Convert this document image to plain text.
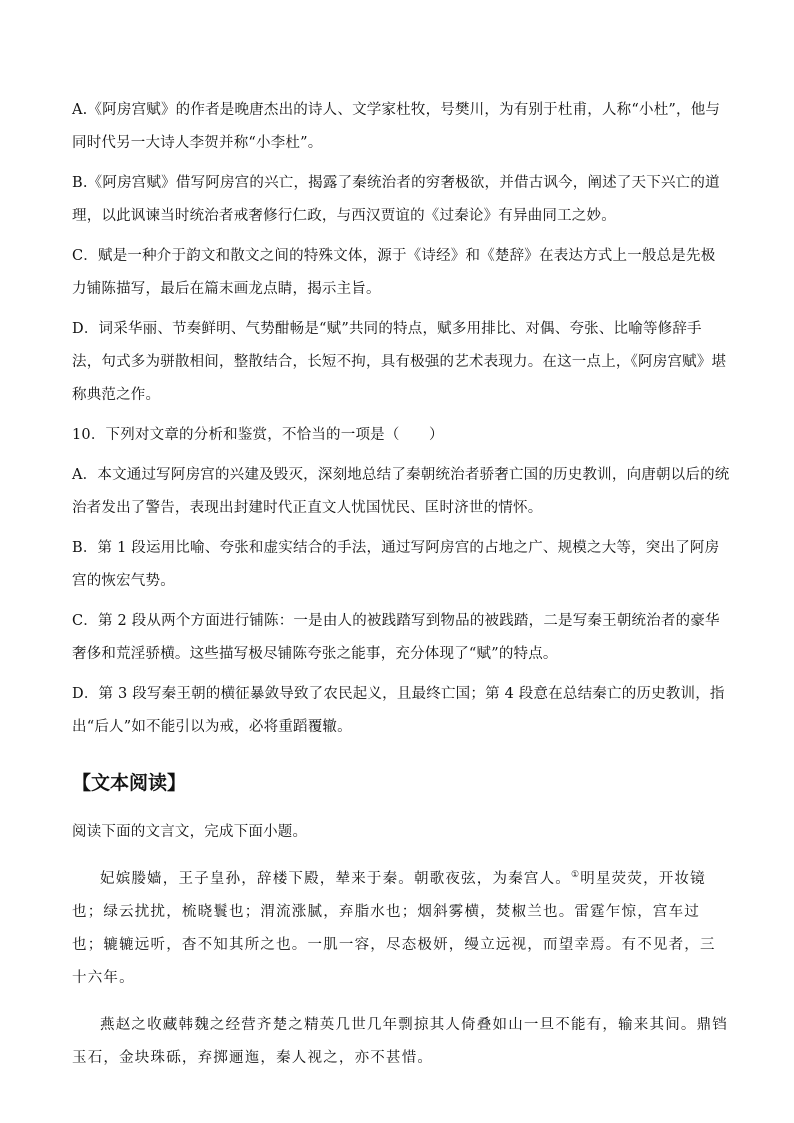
A.《阿房宫赋》的作者是晚唐杰出的诗人、文学家杜牧，号樊川，为有别于杜甫，人称“小杜”，他与同时代另一大诗人李贺并称“小李杜”。

B.《阿房宫赋》借写阿房宫的兴亡，揭露了秦统治者的穷奢极欲，并借古讽今，阐述了天下兴亡的道理，以此讽谏当时统治者戒奢修行仁政，与西汉贾谊的《过秦论》有异曲同工之妙。

C．赋是一种介于韵文和散文之间的特殊文体，源于《诗经》和《楚辞》在表达方式上一般总是先极力铺陈描写，最后在篇末画龙点睛，揭示主旨。

D．词采华丽、节奏鲜明、气势酣畅是“赋”共同的特点，赋多用排比、对偶、夸张、比喻等修辞手法，句式多为骈散相间，整散结合，长短不拘，具有极强的艺术表现力。在这一点上，《阿房宫赋》堪称典范之作。

10．下列对文章的分析和鉴赏，不恰当的一项是（　　）

A．本文通过写阿房宫的兴建及毁灭，深刻地总结了秦朝统治者骄奢亡国的历史教训，向唐朝以后的统治者发出了警告，表现出封建时代正直文人忧国忧民、匡时济世的情怀。

B．第 1 段运用比喻、夸张和虚实结合的手法，通过写阿房宫的占地之广、规模之大等，突出了阿房宫的恢宏气势。

C．第 2 段从两个方面进行铺陈：一是由人的被践踏写到物品的被践踏，二是写秦王朝统治者的豪华奢侈和荒淫骄横。这些描写极尽铺陈夸张之能事，充分体现了“赋”的特点。

D．第 3 段写秦王朝的横征暴敛导致了农民起义，且最终亡国；第 4 段意在总结秦亡的历史教训，指出“后人”如不能引以为戒，必将重蹈覆辙。

【文本阅读】

阅读下面的文言文，完成下面小题。

妃嫔媵嫱，王子皇孙，辞楼下殿，辇来于秦。朝歌夜弦，为秦宫人。①明星荧荧，开妆镜也；绿云扰扰，梳晓鬟也；渭流涨腻，弃脂水也；烟斜雾横，焚椒兰也。雷霆乍惊，宫车过也；辘辘远听，杳不知其所之也。一肌一容，尽态极妍，缦立远视，而望幸焉。有不见者，三十六年。

燕赵之收藏韩魏之经营齐楚之精英几世几年剽掠其人倚叠如山一旦不能有，输来其间。鼎铛玉石，金块珠砾，弃掷逦迤，秦人视之，亦不甚惜。
